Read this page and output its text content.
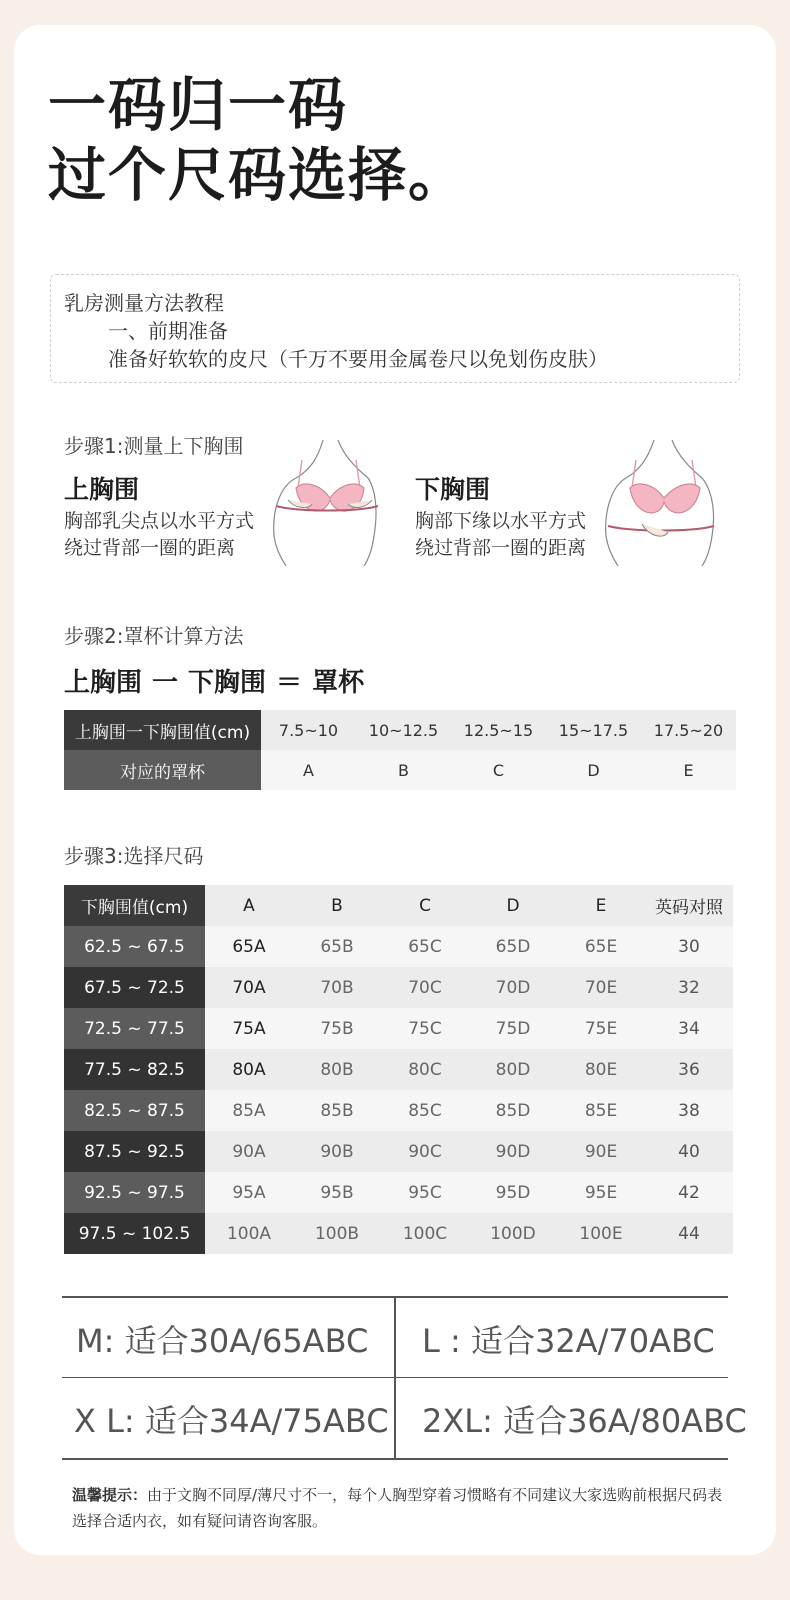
一码归一码
过个尺码选择。
乳房测量方法教程
一、前期准备
准备好软软的皮尺（千万不要用金属卷尺以免划伤皮肤）
步骤1:测量上下胸围
上胸围
胸部乳尖点以水平方式
绕过背部一圈的距离
下胸围
胸部下缘以水平方式
绕过背部一圈的距离
步骤2:罩杯计算方法
上胸围 一 下胸围 ＝ 罩杯
上胸围一下胸围值(cm)	7.5~10	10~12.5	12.5~15	15~17.5	17.5~20
对应的罩杯	A	B	C	D	E
步骤3:选择尺码
下胸围值(cm)	A	B	C	D	E	英码对照
62.5 ~ 67.5	65A	65B	65C	65D	65E	30
67.5 ~ 72.5	70A	70B	70C	70D	70E	32
72.5 ~ 77.5	75A	75B	75C	75D	75E	34
77.5 ~ 82.5	80A	80B	80C	80D	80E	36
82.5 ~ 87.5	85A	85B	85C	85D	85E	38
87.5 ~ 92.5	90A	90B	90C	90D	90E	40
92.5 ~ 97.5	95A	95B	95C	95D	95E	42
97.5 ~ 102.5	100A	100B	100C	100D	100E	44
M: 适合30A/65ABC L : 适合32A/70ABC
X L: 适合34A/75ABC 2XL: 适合36A/80ABC
温馨提示：由于文胸不同厚/薄尺寸不一，每个人胸型穿着习惯略有不同建议大家选购前根据尺码表选择合适内衣，如有疑问请咨询客服。
